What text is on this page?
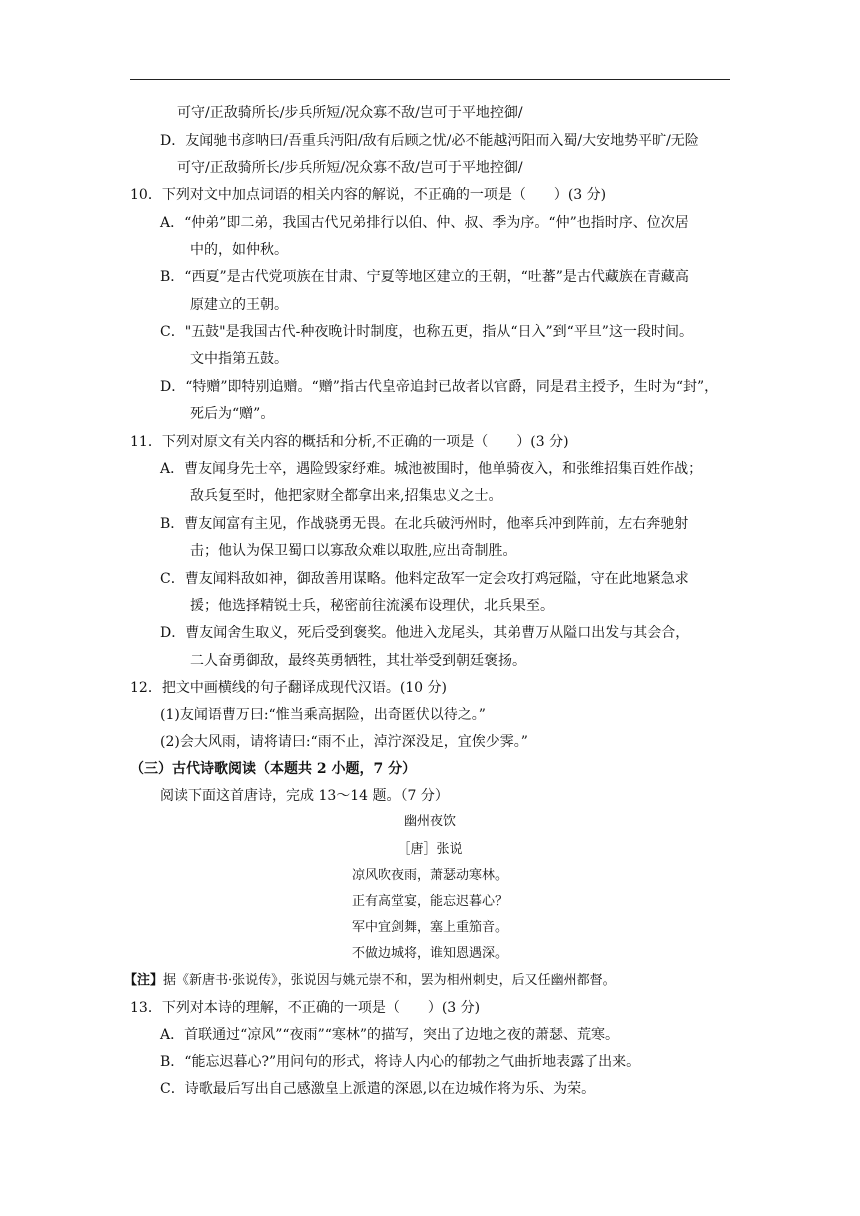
可守/正敌骑所长/步兵所短/况众寡不敌/岂可于平地控御/
D．友闻驰书彦呐曰/吾重兵沔阳/敌有后顾之忧/必不能越沔阳而入蜀/大安地势平旷/无险
可守/正敌骑所长/步兵所短/况众寡不敌/岂可于平地控御/
10．下列对文中加点词语的相关内容的解说，不正确的一项是（　　）(3 分)
A．“仲弟”即二弟，我国古代兄弟排行以伯、仲、叔、季为序。“仲”也指时序、位次居
中的，如仲秋。
B．“西夏”是古代党项族在甘肃、宁夏等地区建立的王朝，“吐蕃”是古代藏族在青藏高
原建立的王朝。
C．"五鼓"是我国古代-种夜晚计时制度，也称五更，指从“日入”到“平旦”这一段时间。
文中指第五鼓。
D．“特赠”即特别追赠。“赠”指古代皇帝追封已故者以官爵，同是君主授予，生时为“封”，
死后为“赠”。
11．下列对原文有关内容的概括和分析,不正确的一项是（　　）(3 分)
A．曹友闻身先士卒，遇险毁家纾难。城池被围时，他单骑夜入，和张维招集百姓作战；
敌兵复至时，他把家财全都拿出来,招集忠义之士。
B．曹友闻富有主见，作战骁勇无畏。在北兵破沔州时，他率兵冲到阵前，左右奔驰射
击；他认为保卫蜀口以寡敌众难以取胜,应出奇制胜。
C．曹友闻料敌如神，御敌善用谋略。他料定敌军一定会攻打鸡冠隘，守在此地紧急求
援；他选择精锐士兵，秘密前往流溪布设理伏，北兵果至。
D．曹友闻舍生取义，死后受到褒奖。他进入龙尾头，其弟曹万从隘口出发与其会合，
二人奋勇御敌，最终英勇牺牲，其壮举受到朝廷褒扬。
12．把文中画横线的句子翻译成现代汉语。(10 分)
(1)友闻语曹万曰:“惟当乘高据险，出奇匿伏以待之。”
(2)会大风雨，请将请曰:“雨不止，淖泞深没足，宜俟少霁。”
（三）古代诗歌阅读（本题共 2 小题，7 分）
阅读下面这首唐诗，完成 13～14 题。（7 分）
幽州夜饮
［唐］张说
凉风吹夜雨，萧瑟动寒林。
正有高堂宴，能忘迟暮心？
军中宜剑舞，塞上重笳音。
不做边城将，谁知恩遇深。
【注】据《新唐书·张说传》，张说因与姚元崇不和，罢为相州刺史，后又任幽州都督。
13．下列对本诗的理解，不正确的一项是（　　）(3 分)
A．首联通过“凉风”“夜雨”“寒林”的描写，突出了边地之夜的萧瑟、荒寒。
B．“能忘迟暮心?”用问句的形式，将诗人内心的郁勃之气曲折地表露了出来。
C．诗歌最后写出自己感激皇上派遣的深恩,以在边城作将为乐、为荣。
